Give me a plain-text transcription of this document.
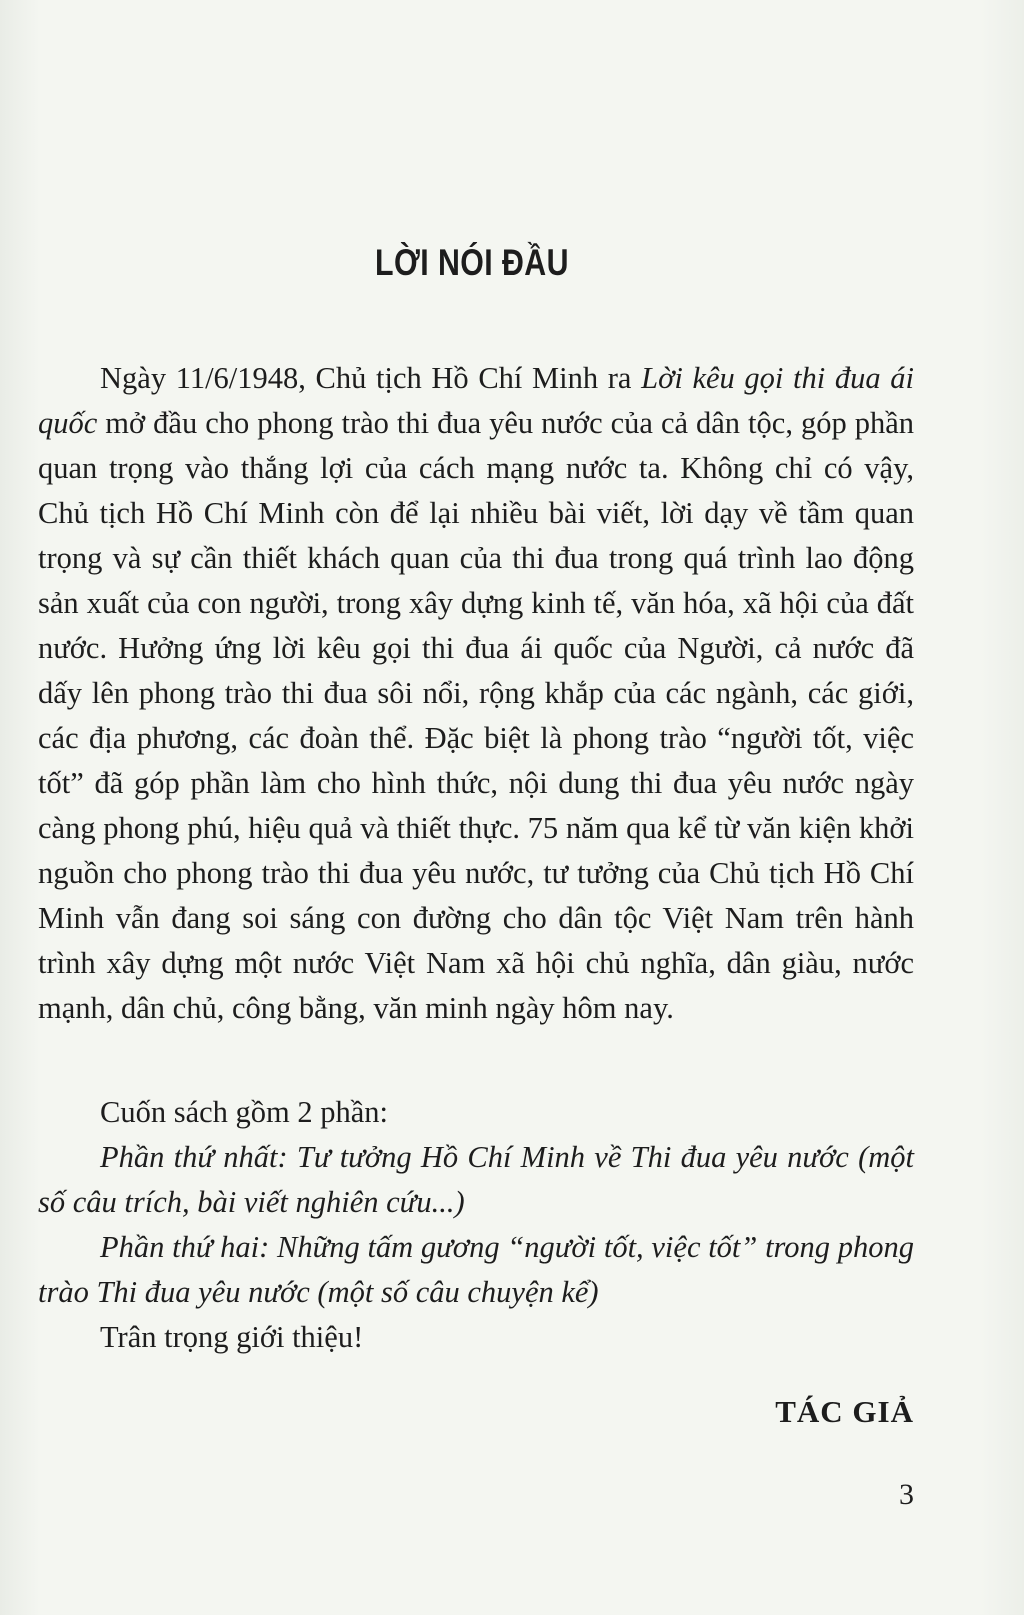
LỜI NÓI ĐẦU

Ngày 11/6/1948, Chủ tịch Hồ Chí Minh ra Lời kêu gọi thi đua ái quốc mở đầu cho phong trào thi đua yêu nước của cả dân tộc, góp phần quan trọng vào thắng lợi của cách mạng nước ta. Không chỉ có vậy, Chủ tịch Hồ Chí Minh còn để lại nhiều bài viết, lời dạy về tầm quan trọng và sự cần thiết khách quan của thi đua trong quá trình lao động sản xuất của con người, trong xây dựng kinh tế, văn hóa, xã hội của đất nước. Hưởng ứng lời kêu gọi thi đua ái quốc của Người, cả nước đã dấy lên phong trào thi đua sôi nổi, rộng khắp của các ngành, các giới, các địa phương, các đoàn thể. Đặc biệt là phong trào “người tốt, việc tốt” đã góp phần làm cho hình thức, nội dung thi đua yêu nước ngày càng phong phú, hiệu quả và thiết thực. 75 năm qua kể từ văn kiện khởi nguồn cho phong trào thi đua yêu nước, tư tưởng của Chủ tịch Hồ Chí Minh vẫn đang soi sáng con đường cho dân tộc Việt Nam trên hành trình xây dựng một nước Việt Nam xã hội chủ nghĩa, dân giàu, nước mạnh, dân chủ, công bằng, văn minh ngày hôm nay.

Cuốn sách gồm 2 phần:

Phần thứ nhất: Tư tưởng Hồ Chí Minh về Thi đua yêu nước (một số câu trích, bài viết nghiên cứu...)

Phần thứ hai: Những tấm gương “người tốt, việc tốt” trong phong trào Thi đua yêu nước (một số câu chuyện kể)

Trân trọng giới thiệu!

TÁC GIẢ
3
